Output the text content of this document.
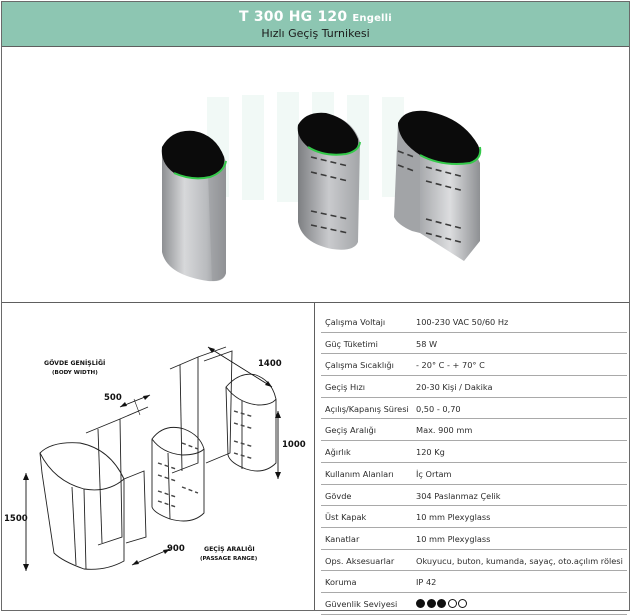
T 300 HG 120 Engelli
Hızlı Geçiş Turnikesi
GÖVDE GENİŞLİĞİ
(BODY WIDTH)
500
1400
1000
1500
900	GEÇİŞ ARALIĞI
(PASSAGE RANGE)
Çalışma Voltajı	100-230 VAC 50/60 Hz
Güç Tüketimi	58 W
Çalışma Sıcaklığı	- 20° C - + 70° C
Geçiş Hızı	20-30 Kişi / Dakika
Açılış/Kapanış Süresi 0,50 - 0,70
Geçiş Aralığı	Max. 900 mm
Ağırlık	120 Kg
Kullanım Alanları	İç Ortam
Gövde	304 Paslanmaz Çelik
Üst Kapak	10 mm Plexyglass
Kanatlar	10 mm Plexyglass
Ops. Aksesuarlar	Okuyucu, buton, kumanda, sayaç, oto.açılım rölesi
Koruma	IP 42
Güvenlik Seviyesi
